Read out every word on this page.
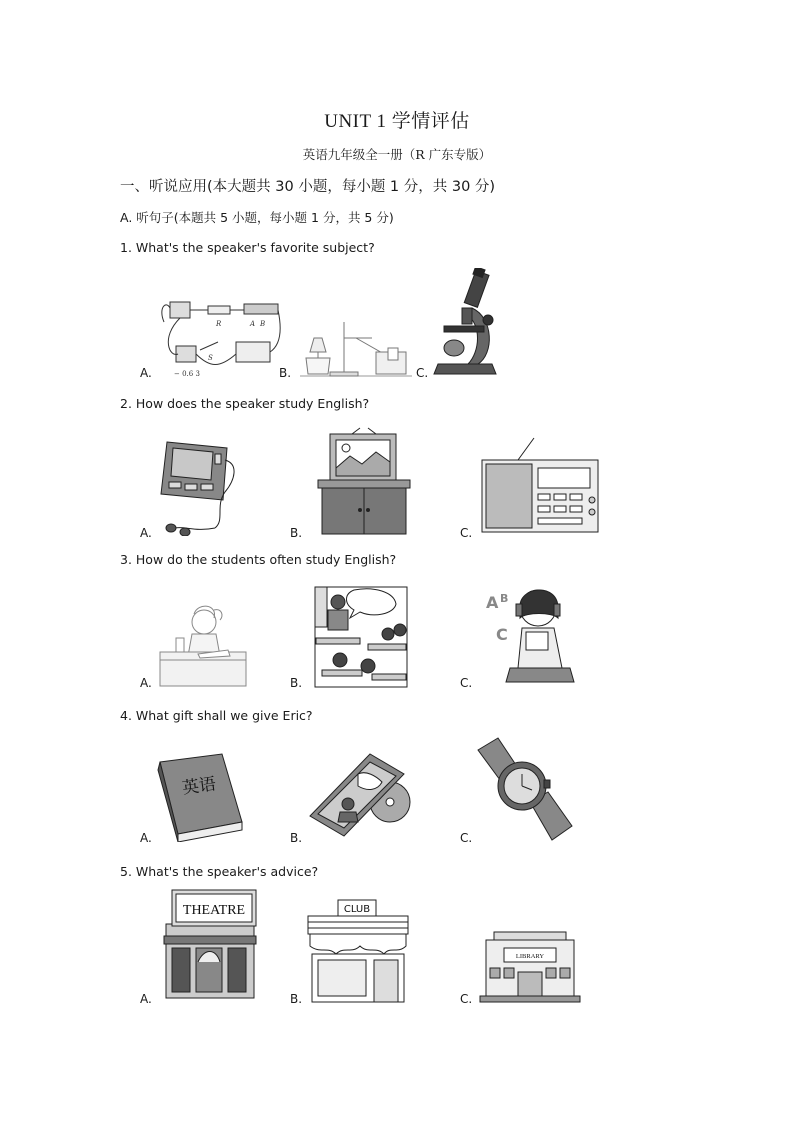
UNIT 1 学情评估
英语九年级全一册（R 广东专版）
一、听说应用(本大题共 30 小题，每小题 1 分，共 30 分)
A. 听句子(本题共 5 小题，每小题 1 分，共 5 分)
1. What's the speaker's favorite subject?
A.	B.	C.
R
S
A B
− 0.6 3
2. How does the speaker study English?
A.	B.	C.
3. How do the students often study English?
A.	B.	C.
A B
C
4. What gift shall we give Eric?
A.	B.	C.
英语
5. What's the speaker's advice?
A.	B.	C.
THEATRE	CLUB
LIBRARY
